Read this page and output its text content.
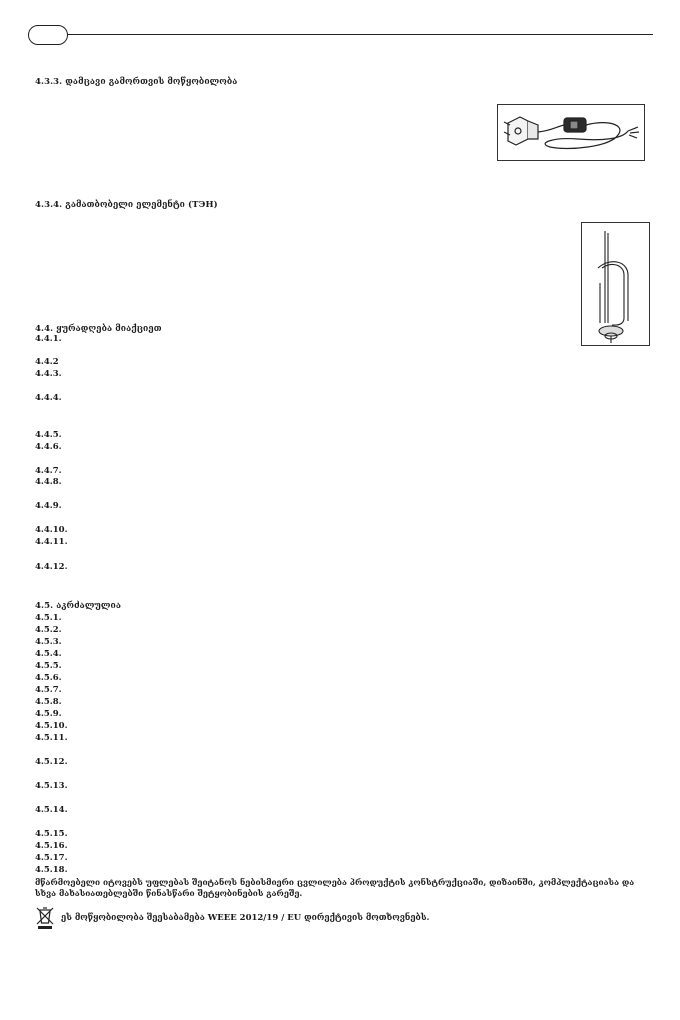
4.3.3. დამცავი გამორთვის მოწყობილობა
4.3.4. გამათბობელი ელემენტი (ТЭН)
4.4. ყურადღება მიაქციეთ
4.4.1.
4.4.2
4.4.3.
4.4.4.
4.4.5.
4.4.6.
4.4.7.
4.4.8.
4.4.9.
4.4.10.
4.4.11.
4.4.12.
4.5. აკრძალულია
4.5.1.
4.5.2.
4.5.3.
4.5.4.
4.5.5.
4.5.6.
4.5.7.
4.5.8.
4.5.9.
4.5.10.
4.5.11.
4.5.12.
4.5.13.
4.5.14.
4.5.15.
4.5.16.
4.5.17.
4.5.18.
მწარმოებელი იტოვებს უფლებას შეიტანოს ნებისმიერი ცვლილება პროდუქტის კონსტრუქციაში, დიზაინში, კომპლექტაციასა და სხვა მახასიათებლებში წინასწარი შეტყობინების გარეშე.
ეს მოწყობილობა შეესაბამება WEEE 2012/19 / EU დირექტივის მოთხოვნებს.
